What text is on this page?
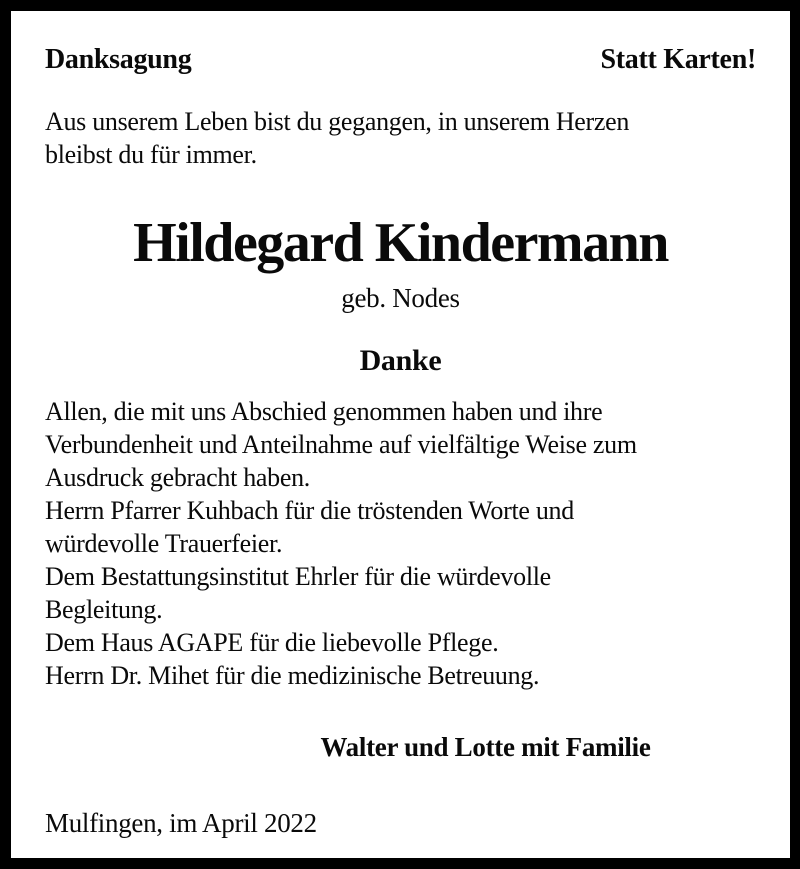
Danksagung	Statt Karten!
Aus unserem Leben bist du gegangen, in unserem Herzen
bleibst du für immer.
Hildegard Kindermann
geb. Nodes
Danke
Allen, die mit uns Abschied genommen haben und ihre
Verbundenheit und Anteilnahme auf vielfältige Weise zum
Ausdruck gebracht haben.
Herrn Pfarrer Kuhbach für die tröstenden Worte und
würdevolle Trauerfeier.
Dem Bestattungsinstitut Ehrler für die würdevolle
Begleitung.
Dem Haus AGAPE für die liebevolle Pflege.
Herrn Dr. Mihet für die medizinische Betreuung.
Walter und Lotte mit Familie
Mulfingen, im April 2022
